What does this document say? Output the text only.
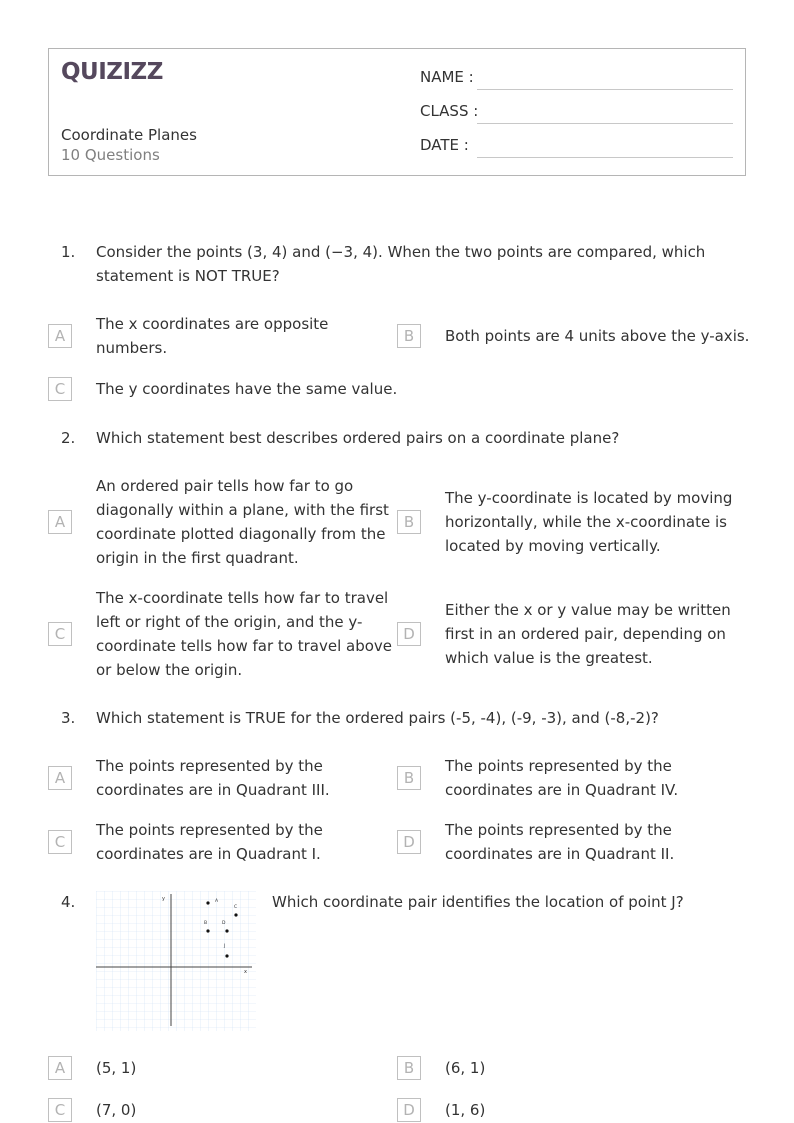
QUIZIZZ
Coordinate Planes
10 Questions
NAME :
CLASS :
DATE :
1. Consider the points (3, 4) and (−3, 4). When the two points are compared, which
statement is NOT TRUE?
A
The x coordinates are opposite
numbers.
B	Both points are 4 units above the y-axis.
C	The y coordinates have the same value.
2. Which statement best describes ordered pairs on a coordinate plane?
A
An ordered pair tells how far to go
diagonally within a plane, with the first
coordinate plotted diagonally from the
origin in the first quadrant.
B
The y-coordinate is located by moving
horizontally, while the x-coordinate is
located by moving vertically.
C
The x-coordinate tells how far to travel
left or right of the origin, and the y-
coordinate tells how far to travel above
or below the origin.
D
Either the x or y value may be written
first in an ordered pair, depending on
which value is the greatest.
3. Which statement is TRUE for the ordered pairs (-5, -4), (-9, -3), and (-8,-2)?
A
The points represented by the
coordinates are in Quadrant III.
B
The points represented by the
coordinates are in Quadrant IV.
C
The points represented by the
coordinates are in Quadrant I.
D
The points represented by the
coordinates are in Quadrant II.
4.
x
y	A
B
C
D
J
Which coordinate pair identifies the location of point J?
A	(5, 1)	B	(6, 1)
C	(7, 0)	D	(1, 6)
